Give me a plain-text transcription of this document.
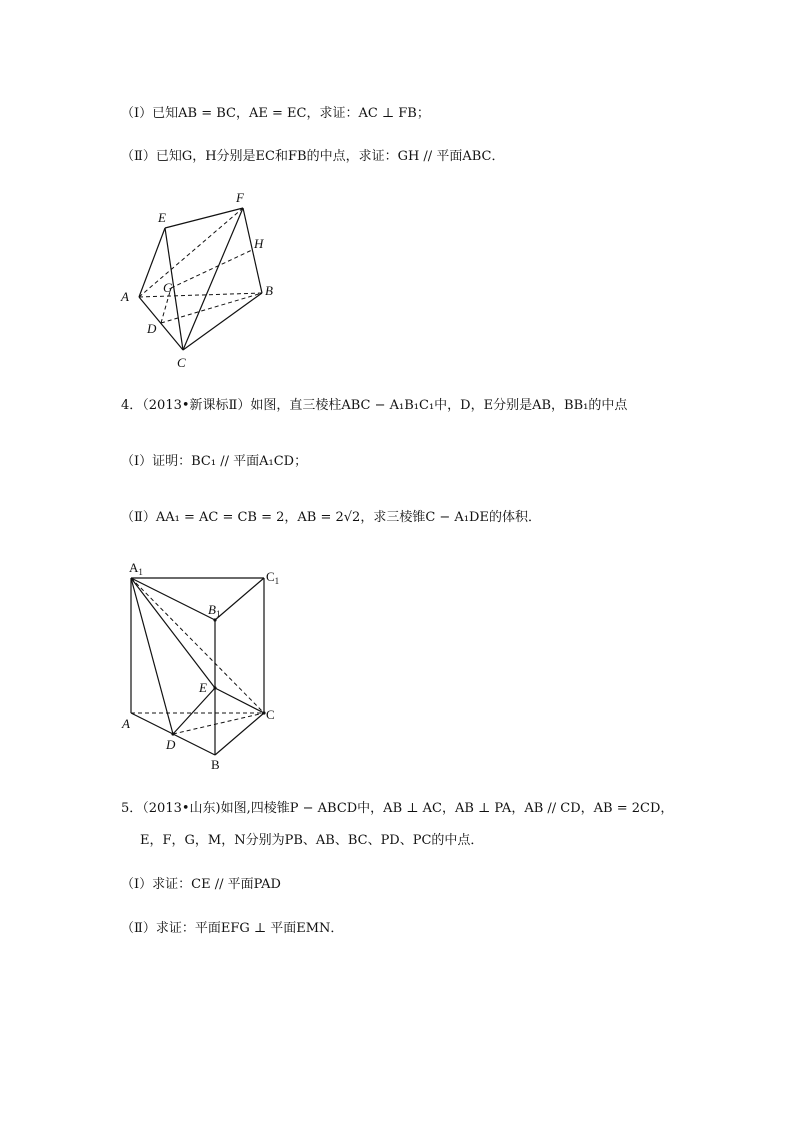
（Ⅰ）已知AB = BC，AE = EC，求证：AC ⊥ FB；
（Ⅱ）已知G，H分别是EC和FB的中点，求证：GH // 平面ABC．
E
F
H
A
G	B
D
C
4．（2013•新课标Ⅱ）如图，直三棱柱ABC − A₁B₁C₁中，D，E分别是AB，BB₁的中点
（Ⅰ）证明：BC₁ // 平面A₁CD；
（Ⅱ）AA₁ = AC = CB = 2，AB = 2√2，求三棱锥C − A₁DE的体积．
$A_1$	$C_1$
$B_1$
E
A
C
D
B
5．（2013•山东)如图,四棱锥P − ABCD中，AB ⊥ AC，AB ⊥ PA，AB // CD，AB = 2CD，
E，F，G，M，N分别为PB、AB、BC、PD、PC的中点．
（Ⅰ）求证：CE // 平面PAD
（Ⅱ）求证：平面EFG ⊥ 平面EMN．
